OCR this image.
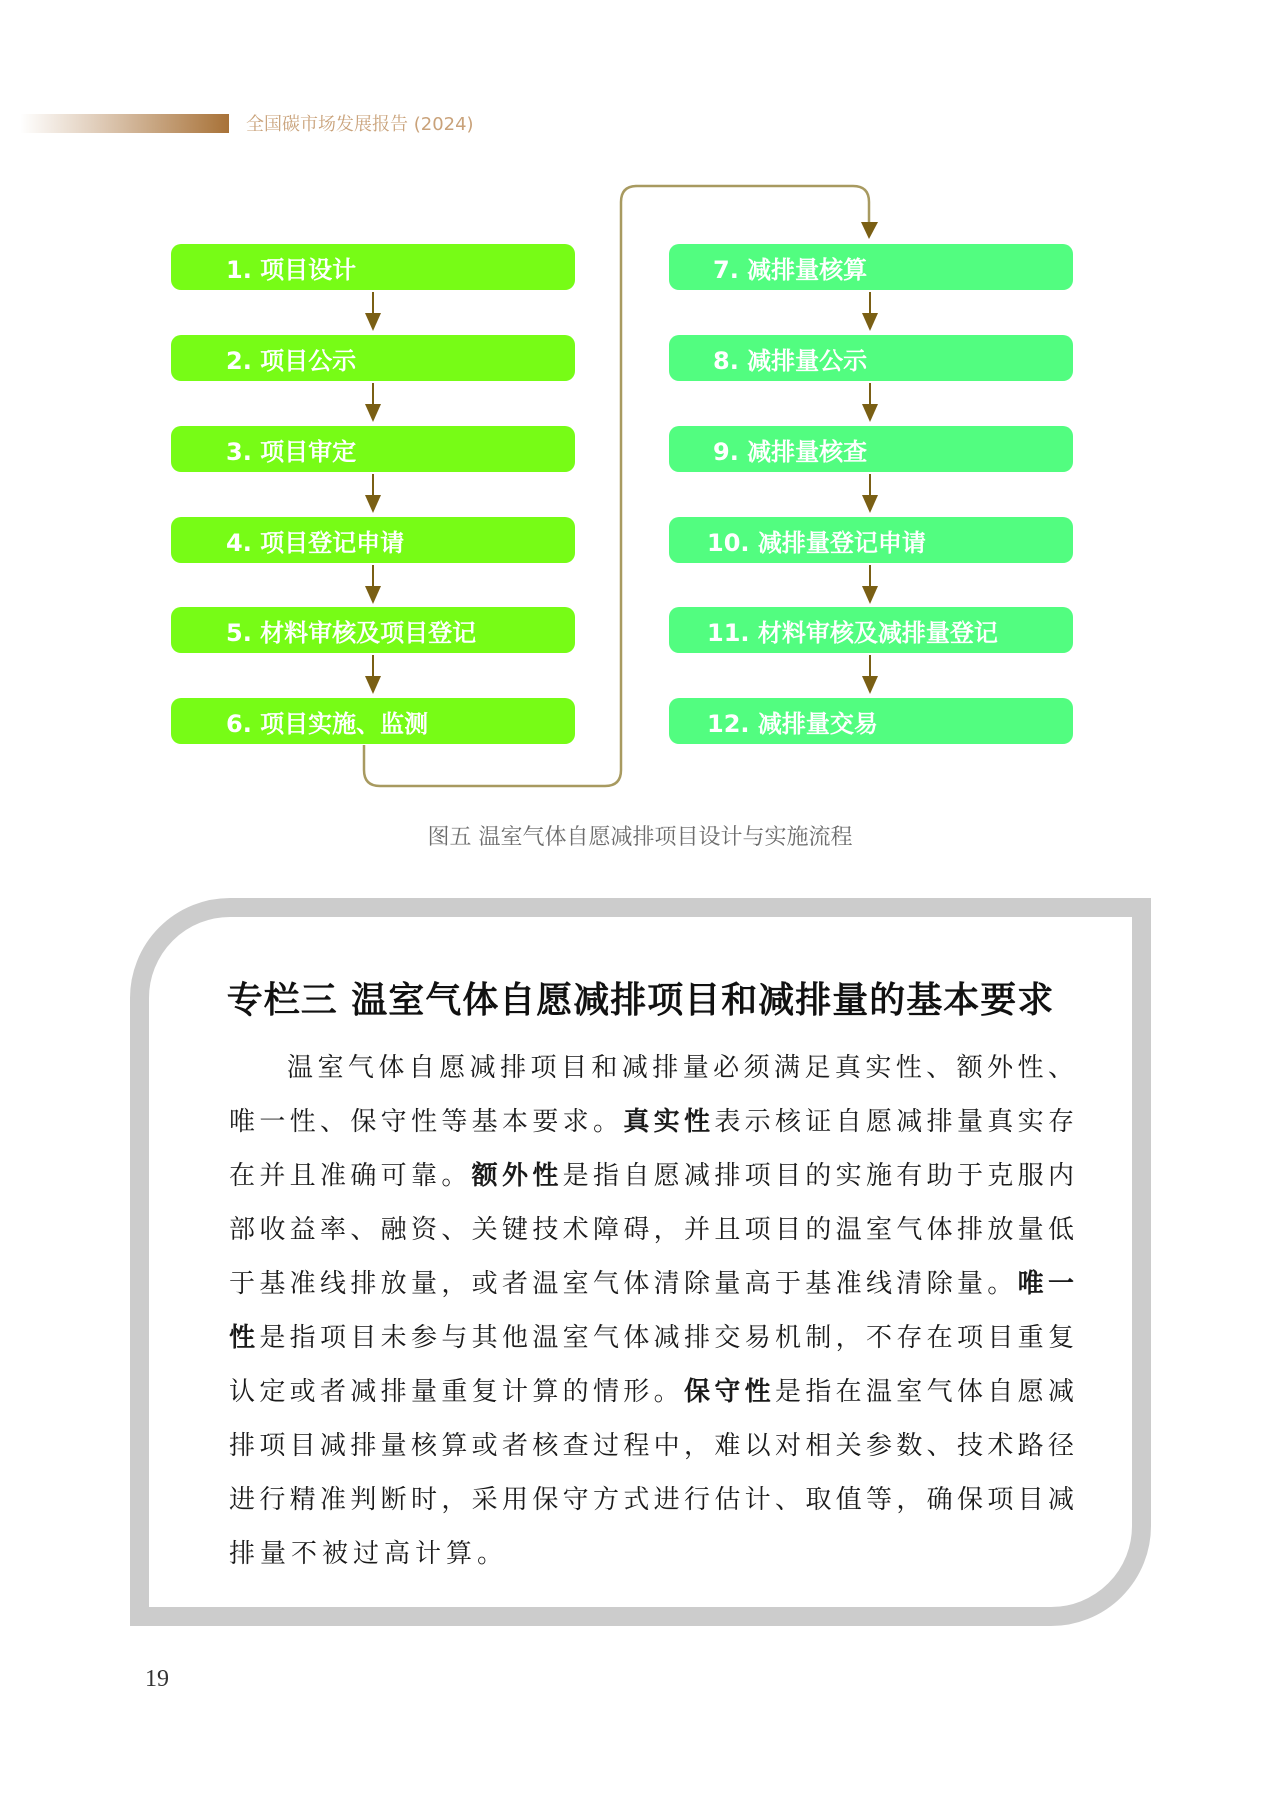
全国碳市场发展报告 (2024)
1. 项目设计
2. 项目公示
3. 项目审定
4. 项目登记申请
5. 材料审核及项目登记
6. 项目实施、监测
7. 减排量核算
8. 减排量公示
9. 减排量核查
10. 减排量登记申请
11. 材料审核及减排量登记
12. 减排量交易
图五 温室气体自愿减排项目设计与实施流程
专栏三 温室气体自愿减排项目和减排量的基本要求
温室气体自愿减排项目和减排量必须满足真实性、额外性、
唯一性、保守性等基本要求。真实性表示核证自愿减排量真实存
在并且准确可靠。额外性是指自愿减排项目的实施有助于克服内
部收益率、融资、关键技术障碍，并且项目的温室气体排放量低
于基准线排放量，或者温室气体清除量高于基准线清除量。唯一
性是指项目未参与其他温室气体减排交易机制，不存在项目重复
认定或者减排量重复计算的情形。保守性是指在温室气体自愿减
排项目减排量核算或者核查过程中，难以对相关参数、技术路径
进行精准判断时，采用保守方式进行估计、取值等，确保项目减
排量不被过高计算。
19
